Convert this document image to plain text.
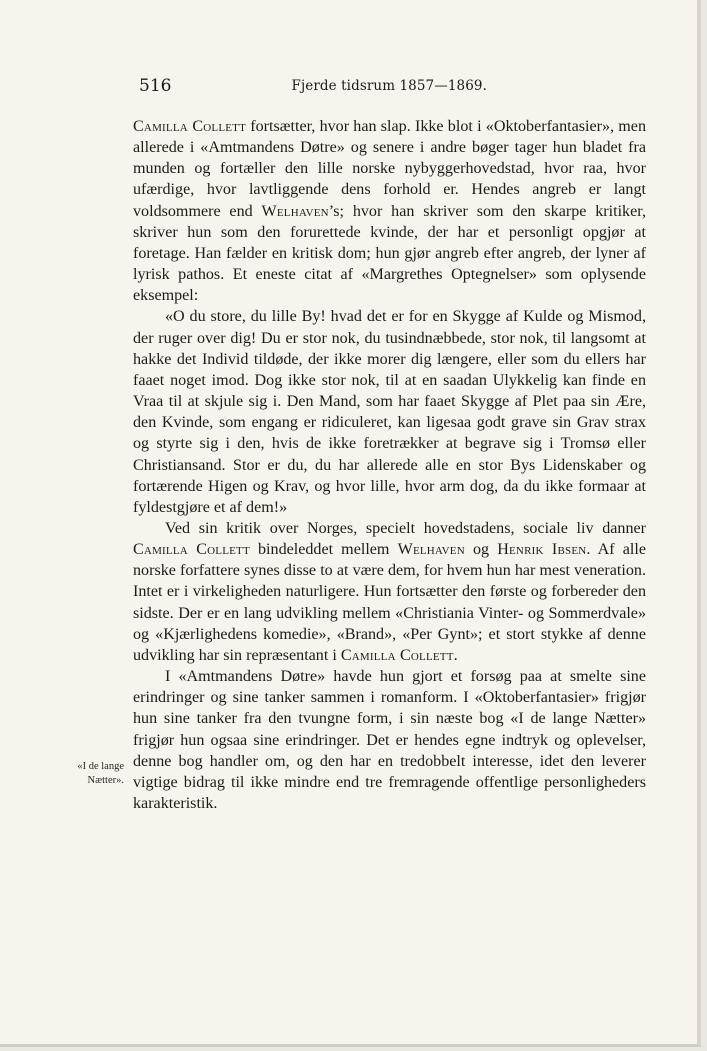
516	Fjerde tidsrum 1857—1869.
«I de lange
Nætter».

Camilla Collett fortsætter, hvor han slap. Ikke blot i «Oktoberfantasier», men allerede i «Amtmandens Døtre» og senere i andre bøger tager hun bladet fra munden og fortæller den lille norske nybyggerhovedstad, hvor raa, hvor ufærdige, hvor lavtliggende dens forhold er. Hendes angreb er langt voldsommere end Welhaven’s; hvor han skriver som den skarpe kritiker, skriver hun som den forurettede kvinde, der har et personligt opgjør at foretage. Han fælder en kritisk dom; hun gjør angreb efter angreb, der lyner af lyrisk pathos. Et eneste citat af «Margrethes Optegnelser» som oplysende eksempel:

«O du store, du lille By! hvad det er for en Skygge af Kulde og Mismod, der ruger over dig! Du er stor nok, du tusindnæbbede, stor nok, til langsomt at hakke det Individ tildøde, der ikke morer dig længere, eller som du ellers har faaet noget imod. Dog ikke stor nok, til at en saadan Ulykkelig kan finde en Vraa til at skjule sig i. Den Mand, som har faaet Skygge af Plet paa sin Ære, den Kvinde, som engang er ridiculeret, kan ligesaa godt grave sin Grav strax og styrte sig i den, hvis de ikke foretrækker at begrave sig i Tromsø eller Christiansand. Stor er du, du har allerede alle en stor Bys Lidenskaber og fortærende Higen og Krav, og hvor lille, hvor arm dog, da du ikke formaar at fyldestgjøre et af dem!»

Ved sin kritik over Norges, specielt hovedstadens, sociale liv danner Camilla Collett bindeleddet mellem Welhaven og Henrik Ibsen. Af alle norske forfattere synes disse to at være dem, for hvem hun har mest veneration. Intet er i virkeligheden naturligere. Hun fortsætter den første og forbereder den sidste. Der er en lang udvikling mellem «Christiania Vinter- og Sommerdvale» og «Kjærlighedens komedie», «Brand», «Per Gynt»; et stort stykke af denne udvikling har sin repræsentant i Camilla Collett.

I «Amtmandens Døtre» havde hun gjort et forsøg paa at smelte sine erindringer og sine tanker sammen i romanform. I «Oktoberfantasier» frigjør hun sine tanker fra den tvungne form, i sin næste bog «I de lange Nætter» frigjør hun ogsaa sine erindringer. Det er hendes egne indtryk og oplevelser, denne bog handler om, og den har en tredobbelt interesse, idet den leverer vigtige bidrag til ikke mindre end tre fremragende offentlige personligheders karakteristik.
